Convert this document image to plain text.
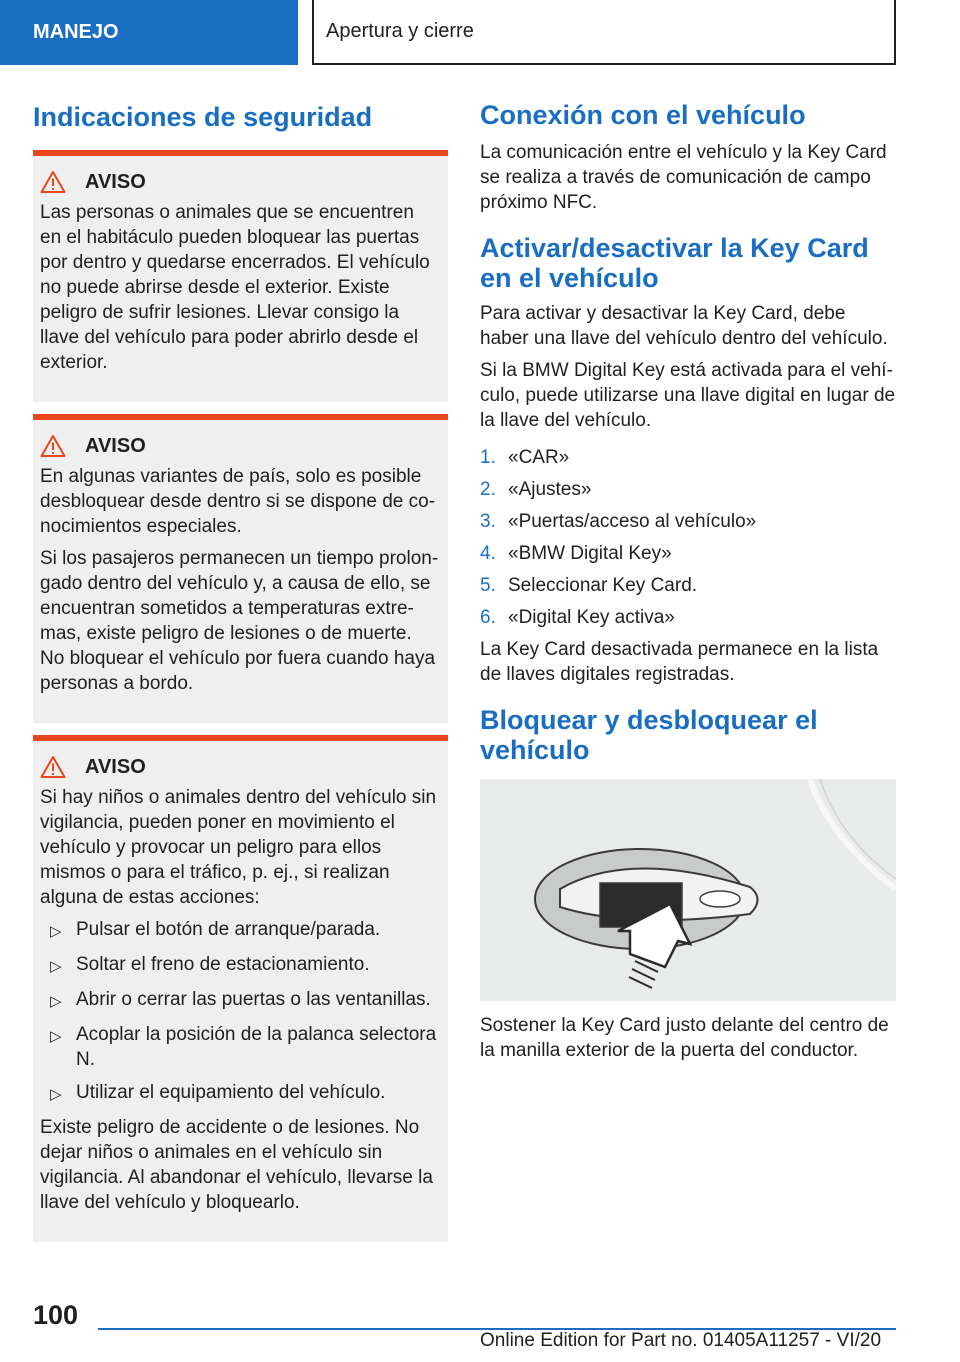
MANEJO	Apertura y cierre
Indicaciones de seguridad
AVISO

Las personas o animales que se encuentren en el habitáculo pueden bloquear las puertas por dentro y quedarse encerrados. El vehículo no puede abrirse desde el exterior. Existe peligro de sufrir lesiones. Llevar consigo la llave del vehículo para poder abrirlo desde el exterior.

AVISO

En algunas variantes de país, solo es posible desbloquear desde dentro si se dispone de conocimientos especiales.

Si los pasajeros permanecen un tiempo prolongado dentro del vehículo y, a causa de ello, se encuentran sometidos a temperaturas extremas, existe peligro de lesiones o de muerte. No bloquear el vehículo por fuera cuando haya personas a bordo.

AVISO

Si hay niños o animales dentro del vehículo sin vigilancia, pueden poner en movimiento el vehículo y provocar un peligro para ellos mismos o para el tráfico, p. ej., si realizan alguna de estas acciones:

▷ Pulsar el botón de arranque/parada.
▷ Soltar el freno de estacionamiento.
▷ Abrir o cerrar las puertas o las ventanillas.
▷ Acoplar la posición de la palanca selectora N.
▷ Utilizar el equipamiento del vehículo.

Existe peligro de accidente o de lesiones. No dejar niños o animales en el vehículo sin vigilancia. Al abandonar el vehículo, llevarse la llave del vehículo y bloquearlo.

Conexión con el vehículo

La comunicación entre el vehículo y la Key Card se realiza a través de comunicación de campo próximo NFC.

Activar/desactivar la Key Card en el vehículo

Para activar y desactivar la Key Card, debe haber una llave del vehículo dentro del vehículo.

Si la BMW Digital Key está activada para el vehículo, puede utilizarse una llave digital en lugar de la llave del vehículo.

1. «CAR»
2. «Ajustes»
3. «Puertas/acceso al vehículo»
4. «BMW Digital Key»
5. Seleccionar Key Card.
6. «Digital Key activa»

La Key Card desactivada permanece en la lista de llaves digitales registradas.

Bloquear y desbloquear el vehículo

Sostener la Key Card justo delante del centro de la manilla exterior de la puerta del conductor.

100
Online Edition for Part no. 01405A11257 - VI/20
